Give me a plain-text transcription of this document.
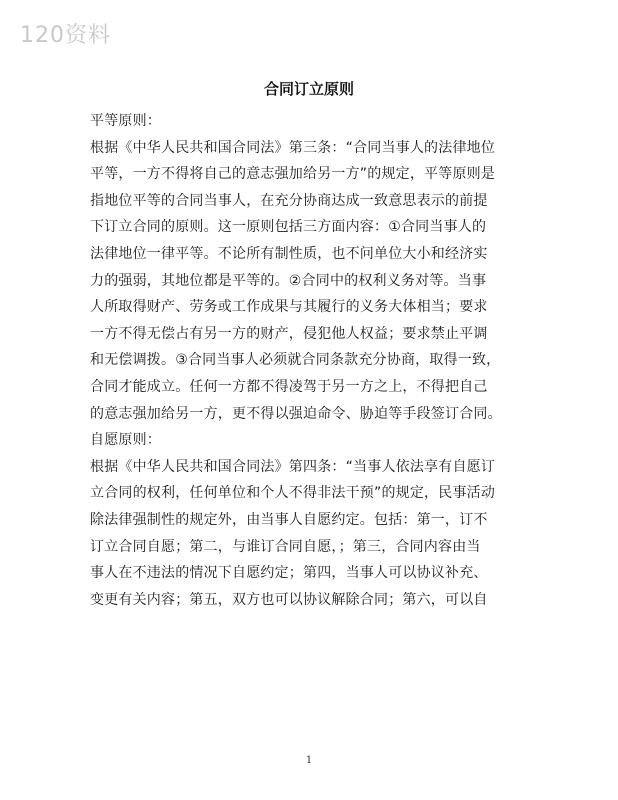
120资料
合同订立原则
平等原则：
根据《中华人民共和国合同法》第三条：“合同当事人的法律地位
平等，一方不得将自己的意志强加给另一方”的规定，平等原则是
指地位平等的合同当事人，在充分协商达成一致意思表示的前提
下订立合同的原则。这一原则包括三方面内容：①合同当事人的
法律地位一律平等。不论所有制性质，也不问单位大小和经济实
力的强弱，其地位都是平等的。②合同中的权利义务对等。当事
人所取得财产、劳务或工作成果与其履行的义务大体相当；要求
一方不得无偿占有另一方的财产，侵犯他人权益；要求禁止平调
和无偿调拨。③合同当事人必须就合同条款充分协商，取得一致，
合同才能成立。任何一方都不得凌驾于另一方之上，不得把自己
的意志强加给另一方，更不得以强迫命令、胁迫等手段签订合同。
自愿原则：
根据《中华人民共和国合同法》第四条：“当事人依法享有自愿订
立合同的权利，任何单位和个人不得非法干预”的规定，民事活动
除法律强制性的规定外，由当事人自愿约定。包括：第一，订不
订立合同自愿；第二，与谁订合同自愿，；第三，合同内容由当
事人在不违法的情况下自愿约定；第四，当事人可以协议补充、
变更有关内容；第五，双方也可以协议解除合同；第六，可以自
1
